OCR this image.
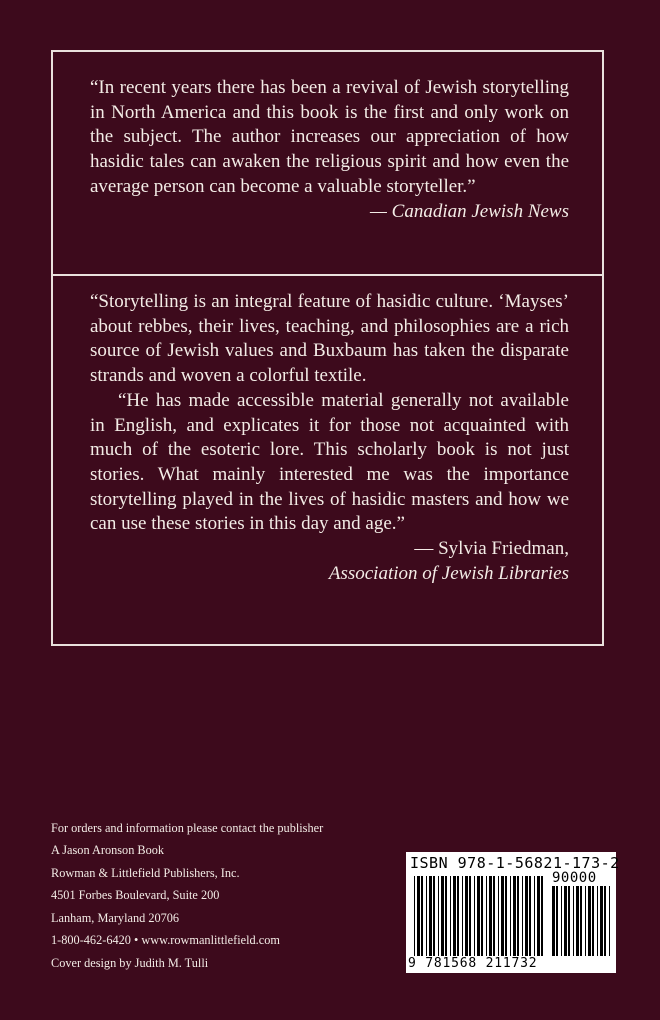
“In recent years there has been a revival of Jewish storytelling in North America and this book is the first and only work on the subject. The author increases our appreciation of how hasidic tales can awaken the religious spirit and how even the average person can become a valuable storyteller.”

— Canadian Jewish News

“Storytelling is an integral feature of hasidic culture. ‘Mayses’ about rebbes, their lives, teaching, and philosophies are a rich source of Jewish values and Buxbaum has taken the disparate strands and woven a colorful textile.

“He has made accessible material generally not available in English, and explicates it for those not acquainted with much of the esoteric lore. This scholarly book is not just stories. What mainly interested me was the importance storytelling played in the lives of hasidic masters and how we can use these stories in this day and age.”

— Sylvia Friedman,

Association of Jewish Libraries

For orders and information please contact the publisher
A Jason Aronson Book
Rowman & Littlefield Publishers, Inc.
4501 Forbes Boulevard, Suite 200
Lanham, Maryland 20706
1-800-462-6420 • www.rowmanlittlefield.com
Cover design by Judith M. Tulli
ISBN 978-1-56821-173-2
90000
9 781568 211732
